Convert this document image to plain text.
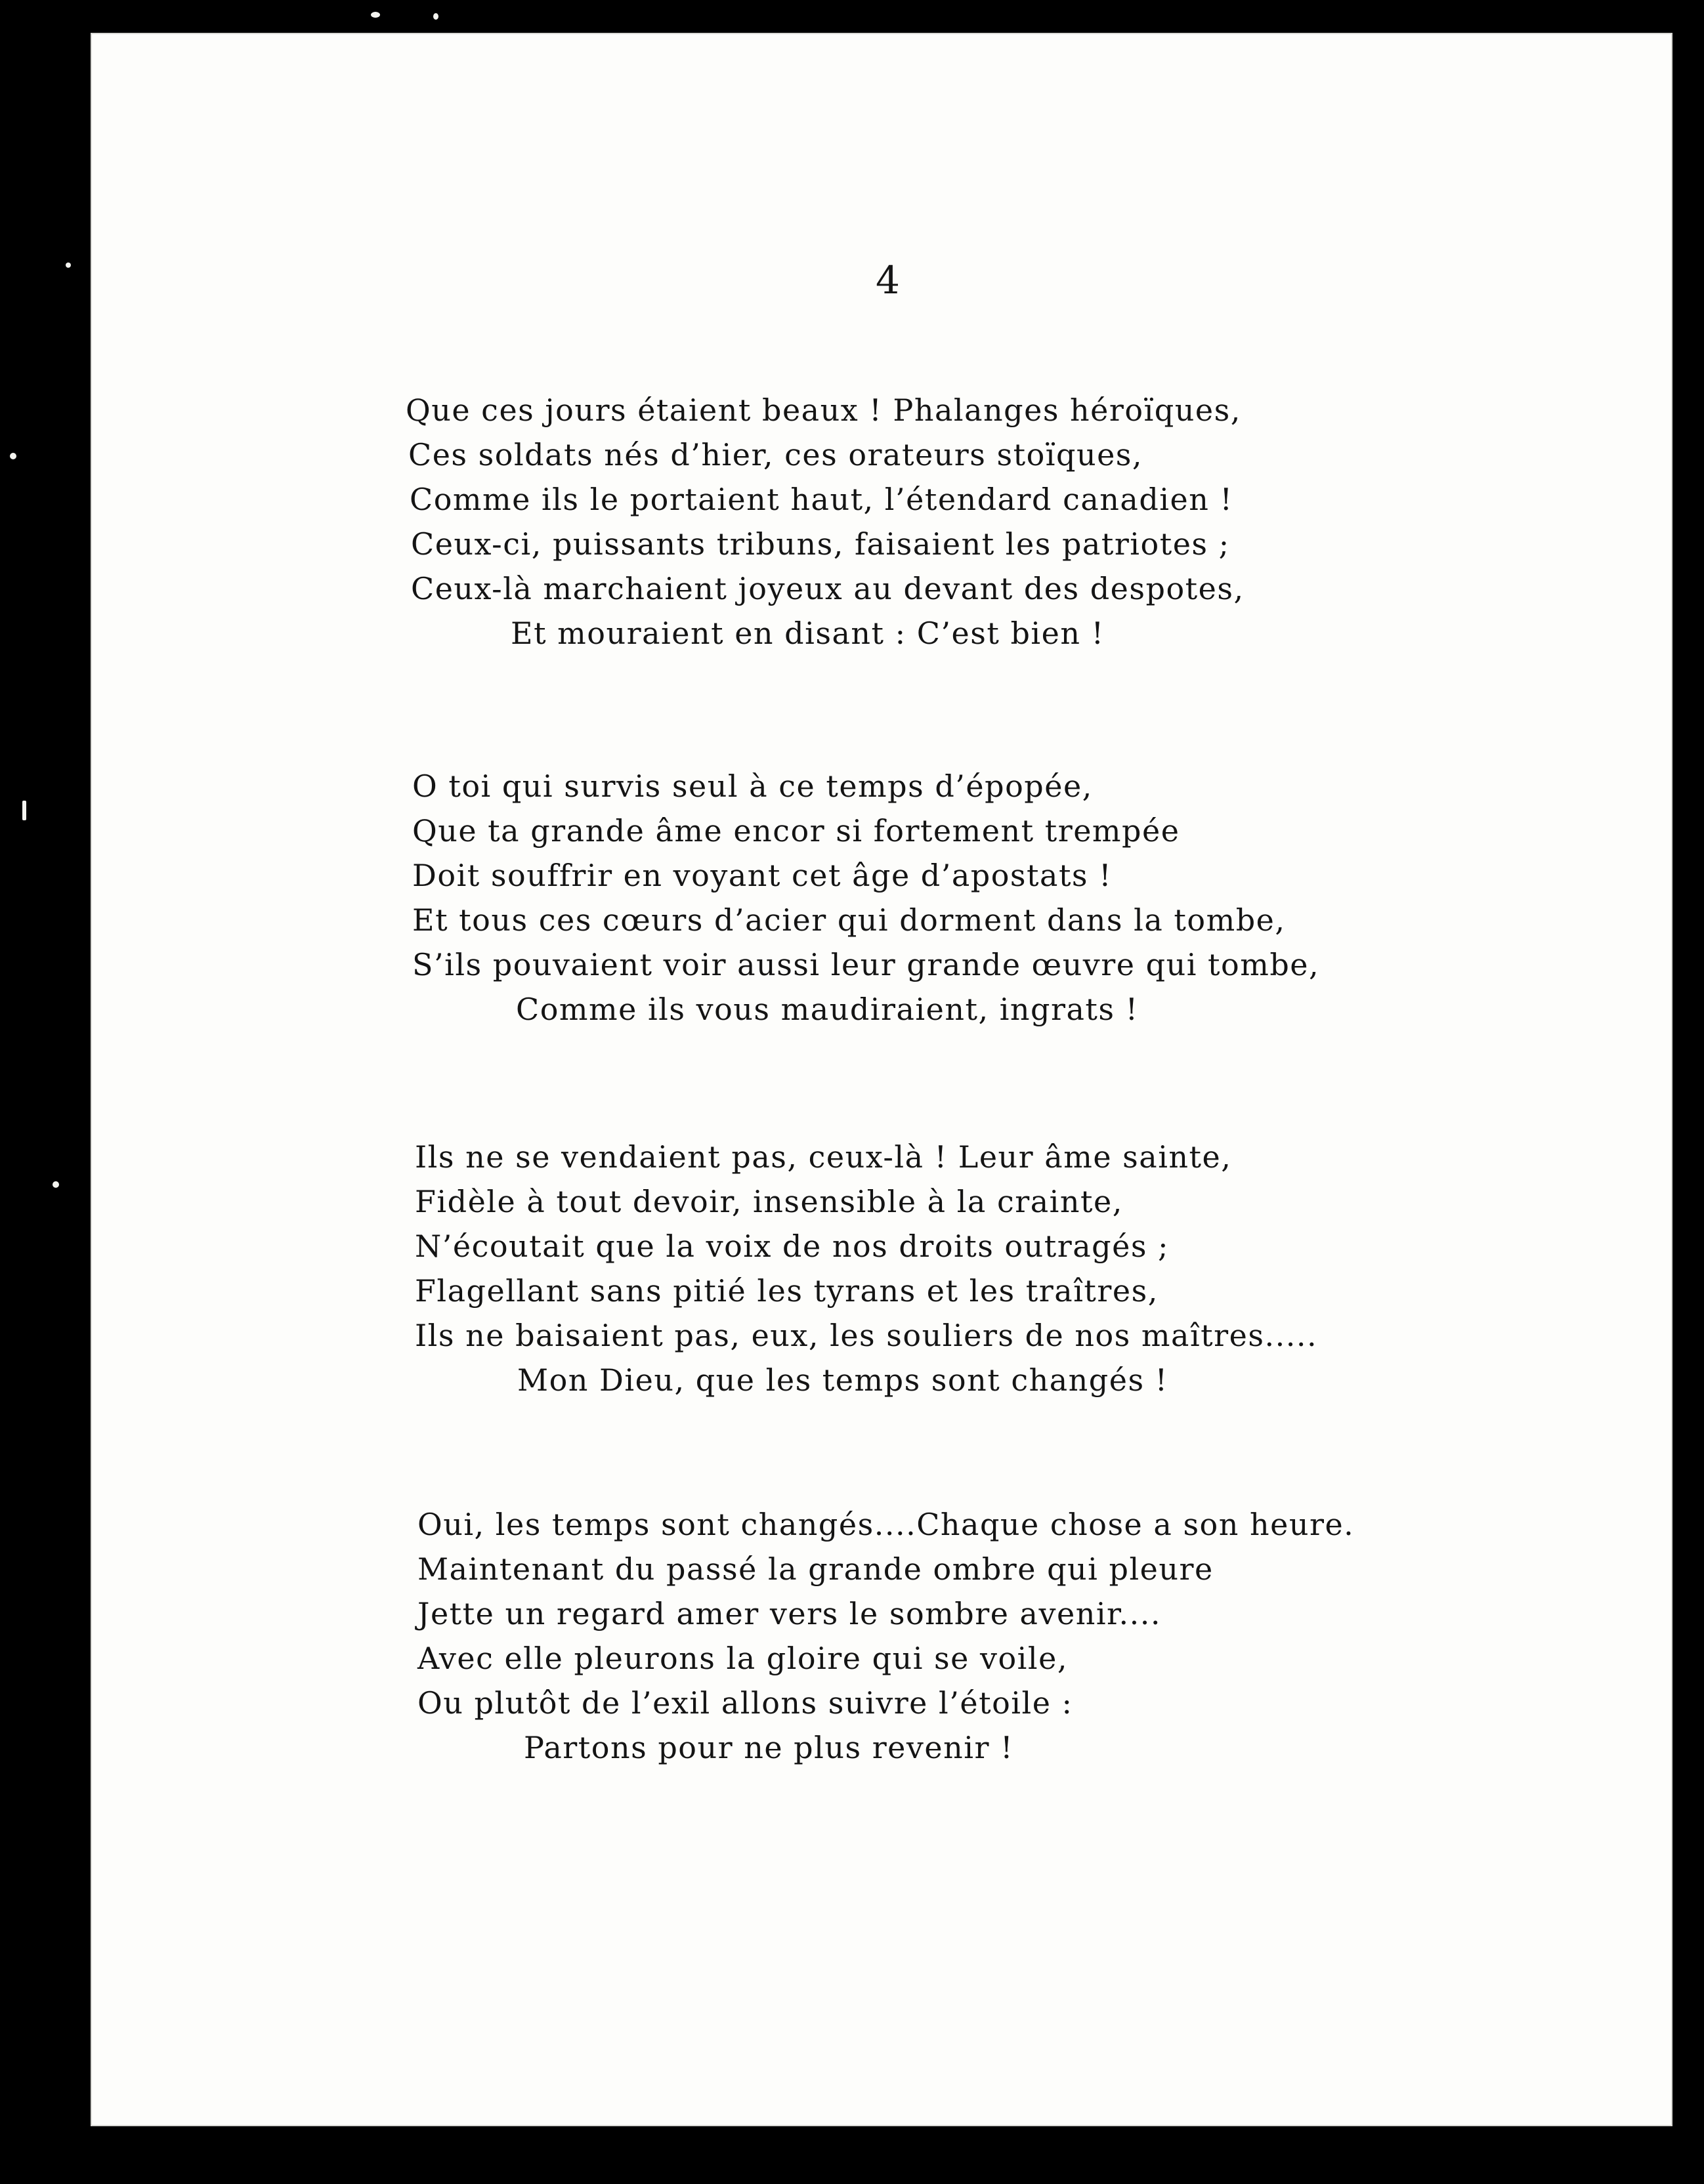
4
Que ces jours étaient beaux ! Phalanges héroïques,
Ces soldats nés d’hier, ces orateurs stoïques,
Comme ils le portaient haut, l’étendard canadien !
Ceux-ci, puissants tribuns, faisaient les patriotes ;
Ceux-là marchaient joyeux au devant des despotes,
Et mouraient en disant : C’est bien !
O toi qui survis seul à ce temps d’épopée,
Que ta grande âme encor si fortement trempée
Doit souffrir en voyant cet âge d’apostats !
Et tous ces cœurs d’acier qui dorment dans la tombe,
S’ils pouvaient voir aussi leur grande œuvre qui tombe,
Comme ils vous maudiraient, ingrats !
Ils ne se vendaient pas, ceux-là ! Leur âme sainte,
Fidèle à tout devoir, insensible à la crainte,
N’écoutait que la voix de nos droits outragés ;
Flagellant sans pitié les tyrans et les traîtres,
Ils ne baisaient pas, eux, les souliers de nos maîtres.....
Mon Dieu, que les temps sont changés !
Oui, les temps sont changés....Chaque chose a son heure.
Maintenant du passé la grande ombre qui pleure
Jette un regard amer vers le sombre avenir....
Avec elle pleurons la gloire qui se voile,
Ou plutôt de l’exil allons suivre l’étoile :
Partons pour ne plus revenir !
